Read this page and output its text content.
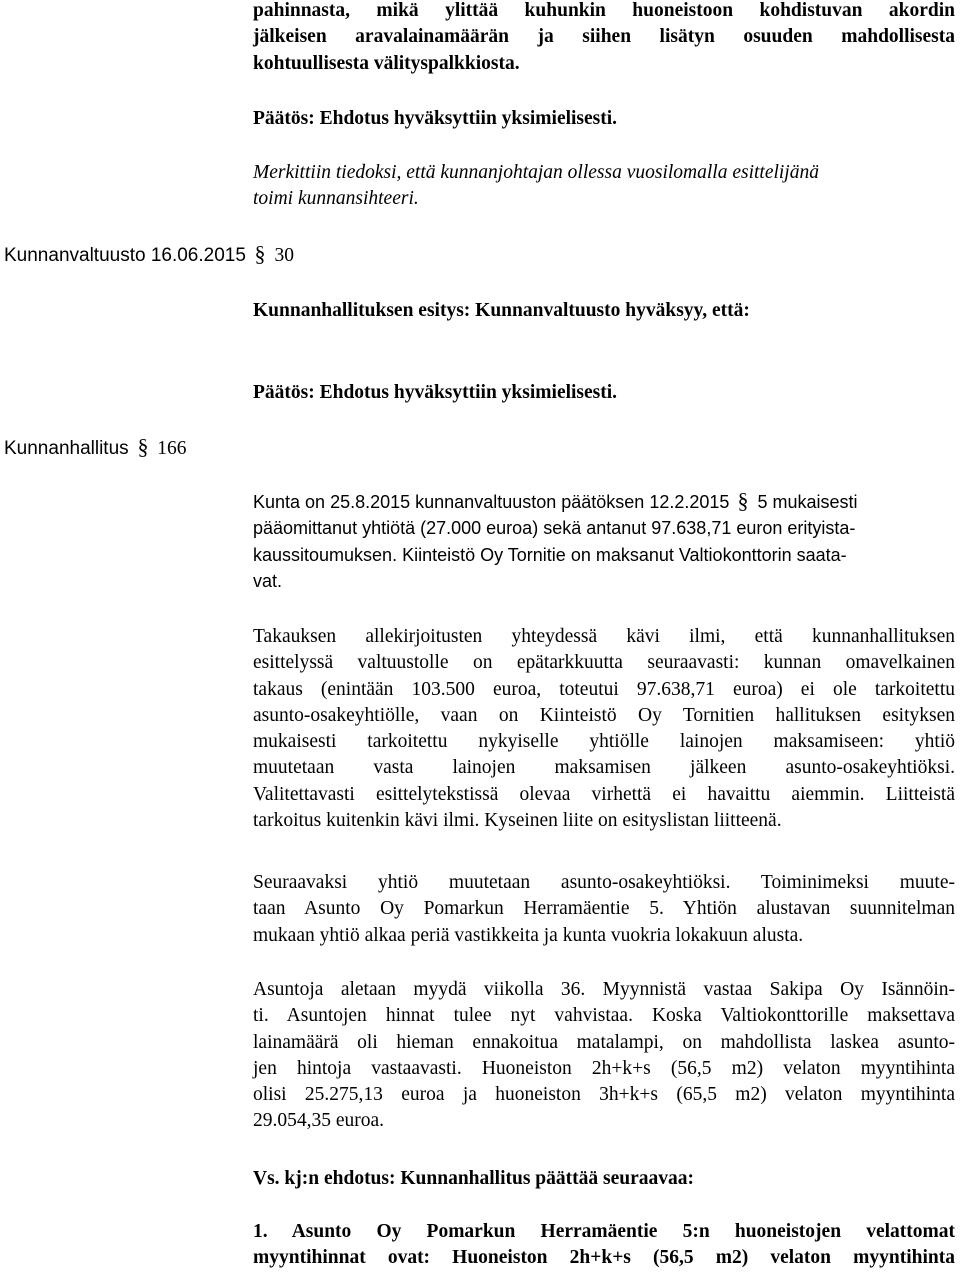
pahinnasta, mikä ylittää kuhunkin huoneistoon kohdistuvan akordin
jälkeisen aravalainamäärän ja siihen lisätyn osuuden mahdollisesta
kohtuullisesta välityspalkkiosta.
Päätös: Ehdotus hyväksyttiin yksimielisesti.
Merkittiin tiedoksi, että kunnanjohtajan ollessa vuosilomalla esittelijänä
toimi kunnansihteeri.
Kunnanvaltuusto 16.06.2015 § 30
Kunnanhallituksen esitys: Kunnanvaltuusto hyväksyy, että:
Päätös: Ehdotus hyväksyttiin yksimielisesti.
Kunnanhallitus § 166
Kunta on 25.8.2015 kunnanvaltuuston päätöksen 12.2.2015 § 5 mukaisesti
pääomittanut yhtiötä (27.000 euroa) sekä antanut 97.638,71 euron erityista-
kaussitoumuksen. Kiinteistö Oy Tornitie on maksanut Valtiokonttorin saata-
vat.
Takauksen allekirjoitusten yhteydessä kävi ilmi, että kunnanhallituksen
esittelyssä valtuustolle on epätarkkuutta seuraavasti: kunnan omavelkainen
takaus (enintään 103.500 euroa, toteutui 97.638,71 euroa) ei ole tarkoitettu
asunto-osakeyhtiölle, vaan on Kiinteistö Oy Tornitien hallituksen esityksen
mukaisesti tarkoitettu nykyiselle yhtiölle lainojen maksamiseen: yhtiö
muutetaan vasta lainojen maksamisen jälkeen asunto-osakeyhtiöksi.
Valitettavasti esittelytekstissä olevaa virhettä ei havaittu aiemmin. Liitteistä
tarkoitus kuitenkin kävi ilmi. Kyseinen liite on esityslistan liitteenä.
Seuraavaksi yhtiö muutetaan asunto-osakeyhtiöksi. Toiminimeksi muute-
taan Asunto Oy Pomarkun Herramäentie 5. Yhtiön alustavan suunnitelman
mukaan yhtiö alkaa periä vastikkeita ja kunta vuokria lokakuun alusta.
Asuntoja aletaan myydä viikolla 36. Myynnistä vastaa Sakipa Oy Isännöin-
ti. Asuntojen hinnat tulee nyt vahvistaa. Koska Valtiokonttorille maksettava
lainamäärä oli hieman ennakoitua matalampi, on mahdollista laskea asunto-
jen hintoja vastaavasti. Huoneiston 2h+k+s (56,5 m2) velaton myyntihinta
olisi 25.275,13 euroa ja huoneiston 3h+k+s (65,5 m2) velaton myyntihinta
29.054,35 euroa.
Vs. kj:n ehdotus: Kunnanhallitus päättää seuraavaa:
1. Asunto Oy Pomarkun Herramäentie 5:n huoneistojen velattomat
myyntihinnat ovat: Huoneiston 2h+k+s (56,5 m2) velaton myyntihinta
